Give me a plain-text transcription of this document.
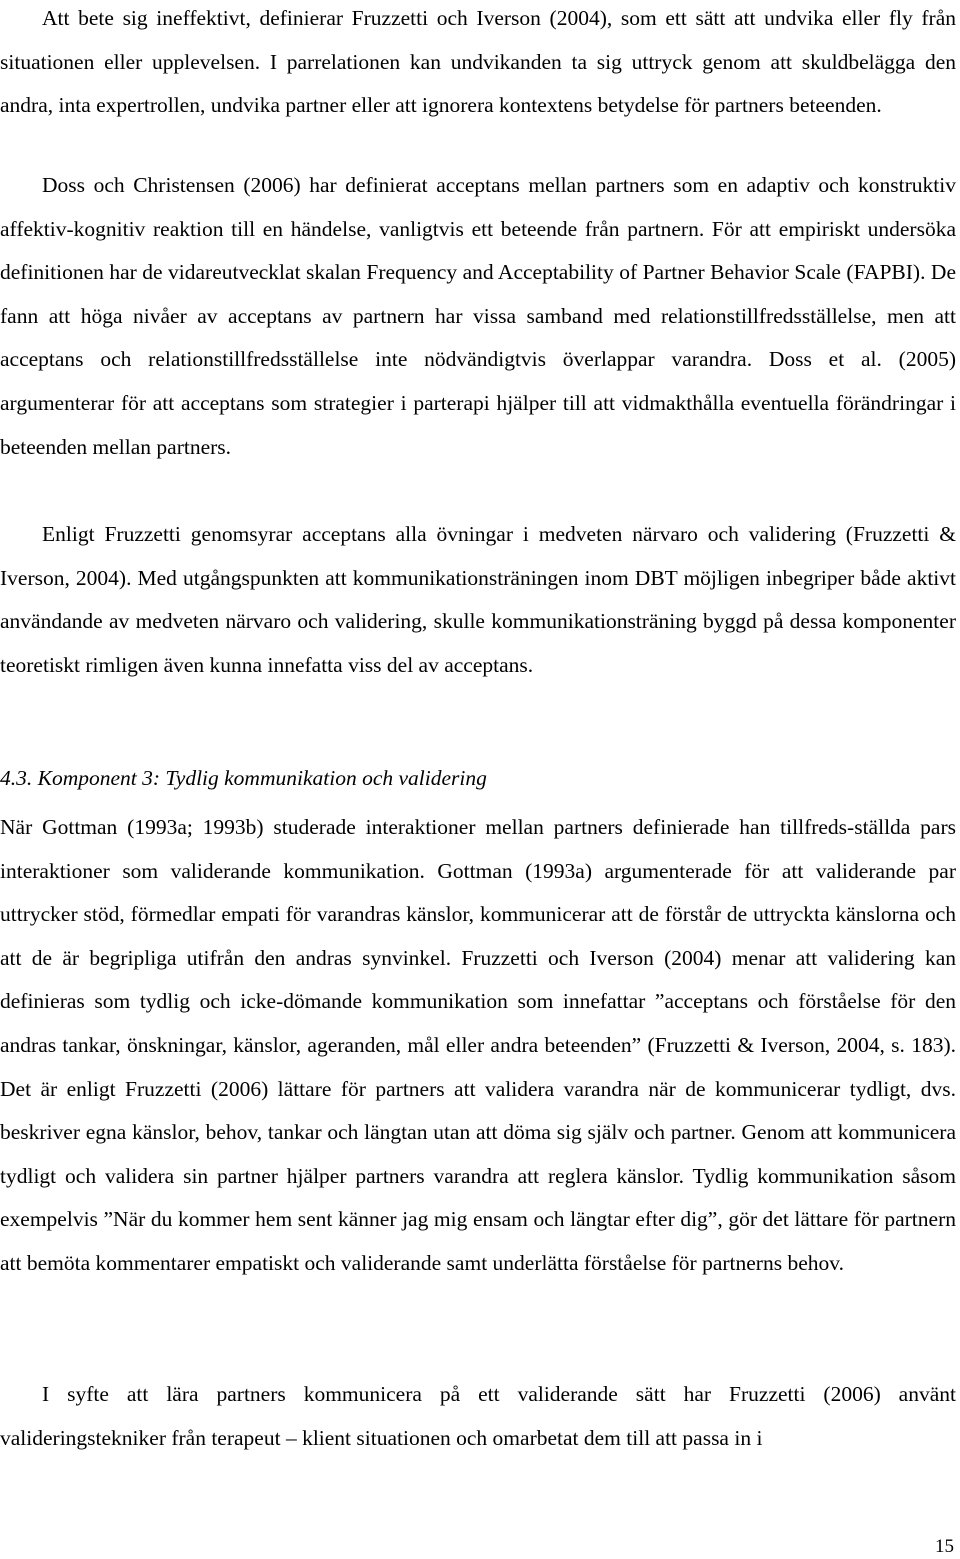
Att bete sig ineffektivt, definierar Fruzzetti och Iverson (2004), som ett sätt att undvika eller fly från situationen eller upplevelsen. I parrelationen kan undvikanden ta sig uttryck genom att skuldbelägga den andra, inta expertrollen, undvika partner eller att ignorera kontextens betydelse för partners beteenden.

Doss och Christensen (2006) har definierat acceptans mellan partners som en adaptiv och konstruktiv affektiv-kognitiv reaktion till en händelse, vanligtvis ett beteende från partnern. För att empiriskt undersöka definitionen har de vidareutvecklat skalan Frequency and Acceptability of Partner Behavior Scale (FAPBI). De fann att höga nivåer av acceptans av partnern har vissa samband med relationstillfredsställelse, men att acceptans och relationstillfredsställelse inte nödvändigtvis överlappar varandra. Doss et al. (2005) argumenterar för att acceptans som strategier i parterapi hjälper till att vidmakthålla eventuella förändringar i beteenden mellan partners.

Enligt Fruzzetti genomsyrar acceptans alla övningar i medveten närvaro och validering (Fruzzetti & Iverson, 2004). Med utgångspunkten att kommunikationsträningen inom DBT möjligen inbegriper både aktivt användande av medveten närvaro och validering, skulle kommunikationsträning byggd på dessa komponenter teoretiskt rimligen även kunna innefatta viss del av acceptans.

4.3. Komponent 3: Tydlig kommunikation och validering

När Gottman (1993a; 1993b) studerade interaktioner mellan partners definierade han tillfreds-ställda pars interaktioner som validerande kommunikation. Gottman (1993a) argumenterade för att validerande par uttrycker stöd, förmedlar empati för varandras känslor, kommunicerar att de förstår de uttryckta känslorna och att de är begripliga utifrån den andras synvinkel. Fruzzetti och Iverson (2004) menar att validering kan definieras som tydlig och icke-dömande kommunikation som innefattar ”acceptans och förståelse för den andras tankar, önskningar, känslor, ageranden, mål eller andra beteenden” (Fruzzetti & Iverson, 2004, s. 183). Det är enligt Fruzzetti (2006) lättare för partners att validera varandra när de kommunicerar tydligt, dvs. beskriver egna känslor, behov, tankar och längtan utan att döma sig själv och partner. Genom att kommunicera tydligt och validera sin partner hjälper partners varandra att reglera känslor. Tydlig kommunikation såsom exempelvis ”När du kommer hem sent känner jag mig ensam och längtar efter dig”, gör det lättare för partnern att bemöta kommentarer empatiskt och validerande samt underlätta förståelse för partnerns behov.

I syfte att lära partners kommunicera på ett validerande sätt har Fruzzetti (2006) använt valideringstekniker från terapeut – klient situationen och omarbetat dem till att passa in i

15
